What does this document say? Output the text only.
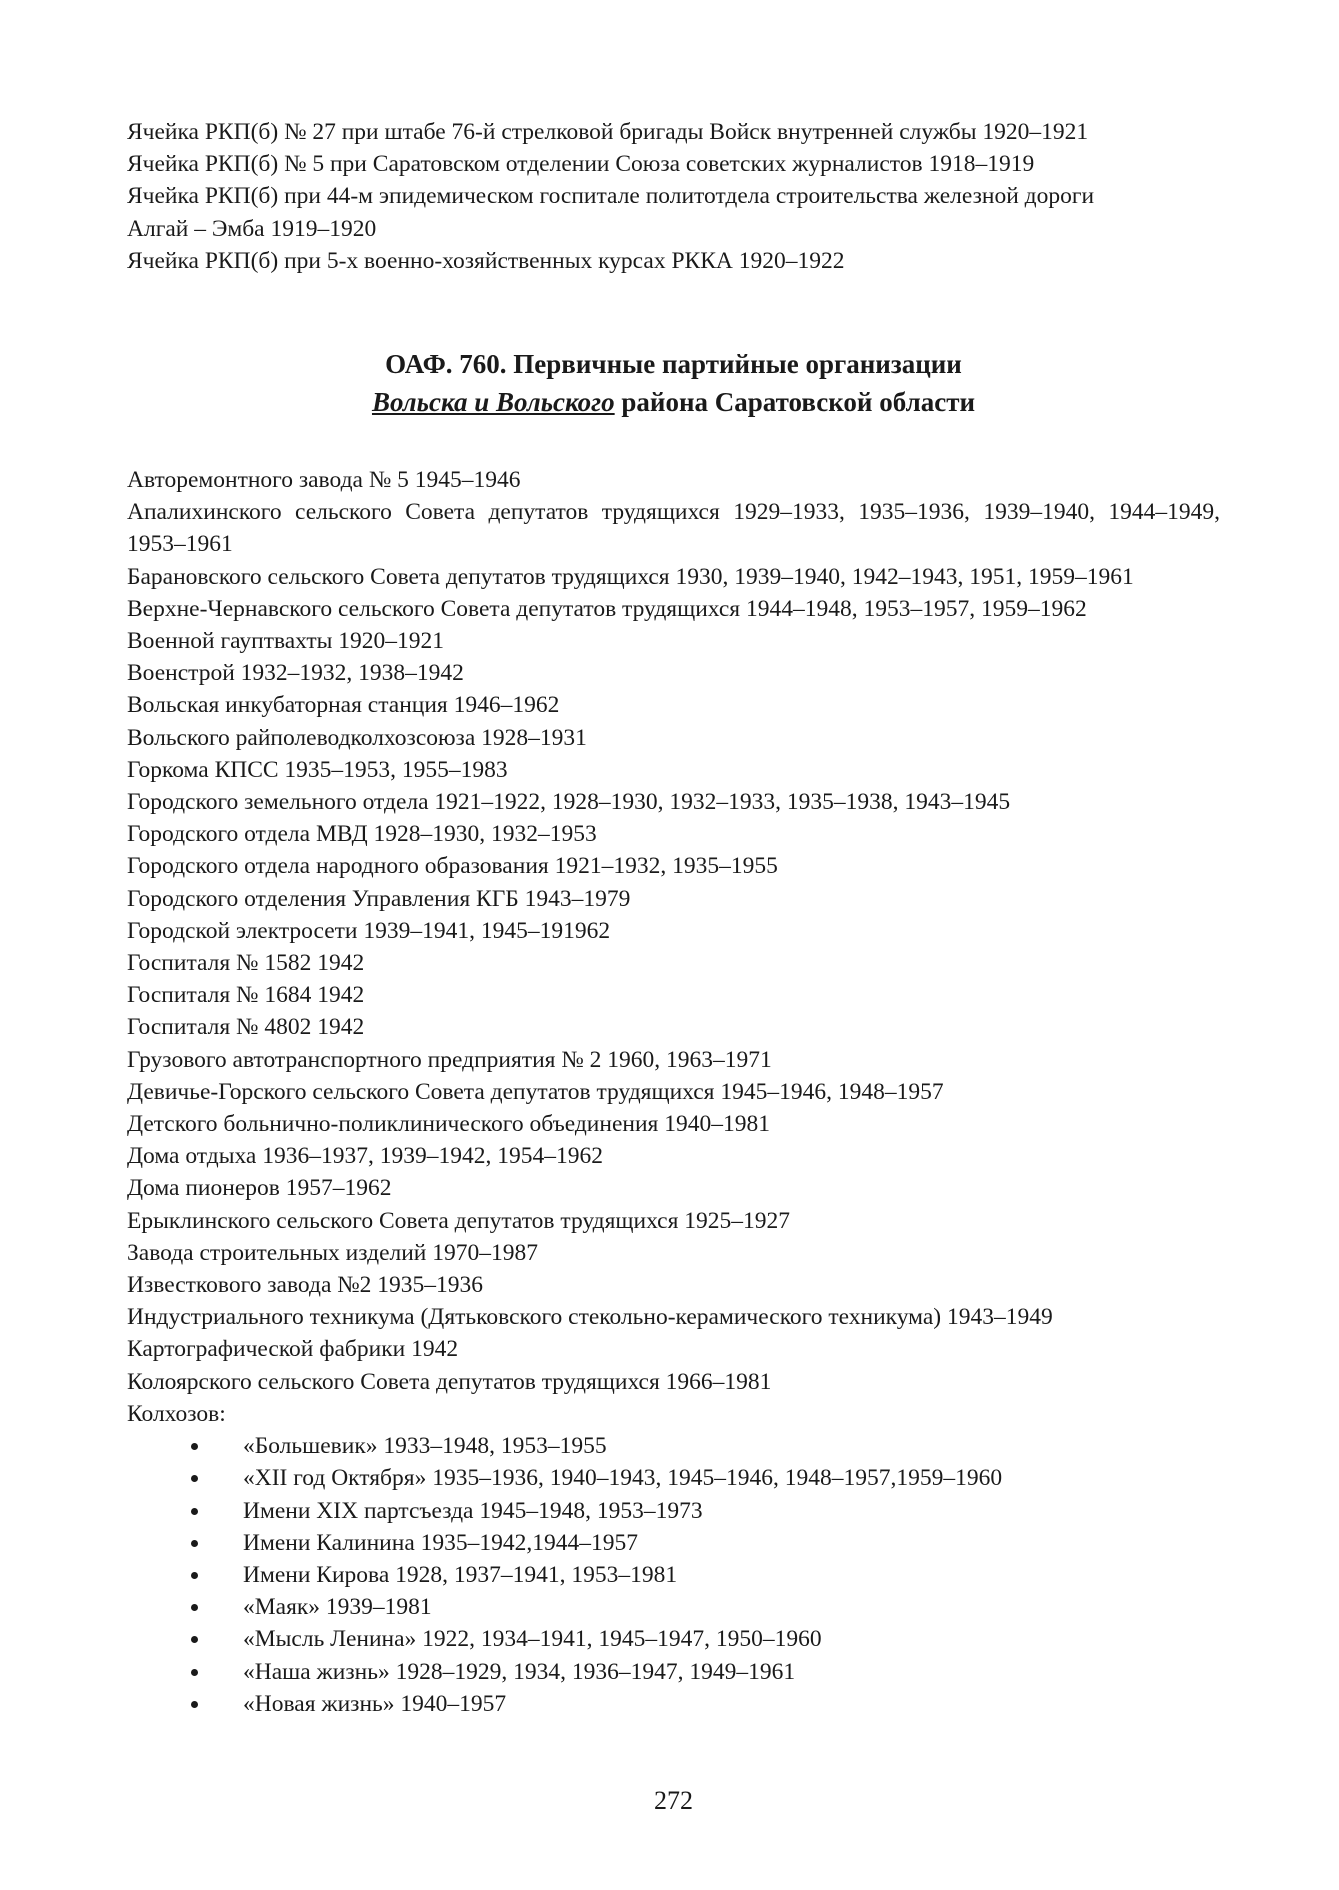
Ячейка РКП(б) № 27 при штабе 76-й стрелковой бригады Войск внутренней службы 1920–1921
Ячейка РКП(б) № 5 при Саратовском отделении Союза советских журналистов 1918–1919
Ячейка РКП(б) при 44-м эпидемическом госпитале политотдела строительства железной дороги
Алгай – Эмба 1919–1920
Ячейка РКП(б) при 5-х военно-хозяйственных курсах РККА 1920–1922
ОАФ. 760. Первичные партийные организации
Вольска и Вольского района Саратовской области
Авторемонтного завода № 5 1945–1946
Апалихинского сельского Совета депутатов трудящихся 1929–1933, 1935–1936, 1939–1940, 1944–1949, 1953–1961
Барановского сельского Совета депутатов трудящихся 1930, 1939–1940, 1942–1943, 1951, 1959–1961
Верхне-Чернавского сельского Совета депутатов трудящихся 1944–1948, 1953–1957, 1959–1962
Военной гауптвахты 1920–1921
Военстрой 1932–1932, 1938–1942
Вольская инкубаторная станция 1946–1962
Вольского райполеводколхозсоюза 1928–1931
Горкома КПСС 1935–1953, 1955–1983
Городского земельного отдела 1921–1922, 1928–1930, 1932–1933, 1935–1938, 1943–1945
Городского отдела МВД 1928–1930, 1932–1953
Городского отдела народного образования 1921–1932, 1935–1955
Городского отделения Управления КГБ 1943–1979
Городской электросети 1939–1941, 1945–191962
Госпиталя № 1582 1942
Госпиталя № 1684 1942
Госпиталя № 4802 1942
Грузового автотранспортного предприятия № 2 1960, 1963–1971
Девичье-Горского сельского Совета депутатов трудящихся 1945–1946, 1948–1957
Детского больнично-поликлинического объединения 1940–1981
Дома отдыха 1936–1937, 1939–1942, 1954–1962
Дома пионеров 1957–1962
Ерыклинского сельского Совета депутатов трудящихся 1925–1927
Завода строительных изделий 1970–1987
Известкового завода №2 1935–1936
Индустриального техникума (Дятьковского стекольно-керамического техникума) 1943–1949
Картографической фабрики 1942
Колоярского сельского Совета депутатов трудящихся 1966–1981
Колхозов:
«Большевик» 1933–1948, 1953–1955
«XII год Октября» 1935–1936, 1940–1943, 1945–1946, 1948–1957,1959–1960
Имени XIX партсъезда 1945–1948, 1953–1973
Имени Калинина 1935–1942,1944–1957
Имени Кирова 1928, 1937–1941, 1953–1981
«Маяк» 1939–1981
«Мысль Ленина» 1922, 1934–1941, 1945–1947, 1950–1960
«Наша жизнь» 1928–1929, 1934, 1936–1947, 1949–1961
«Новая жизнь» 1940–1957
272
